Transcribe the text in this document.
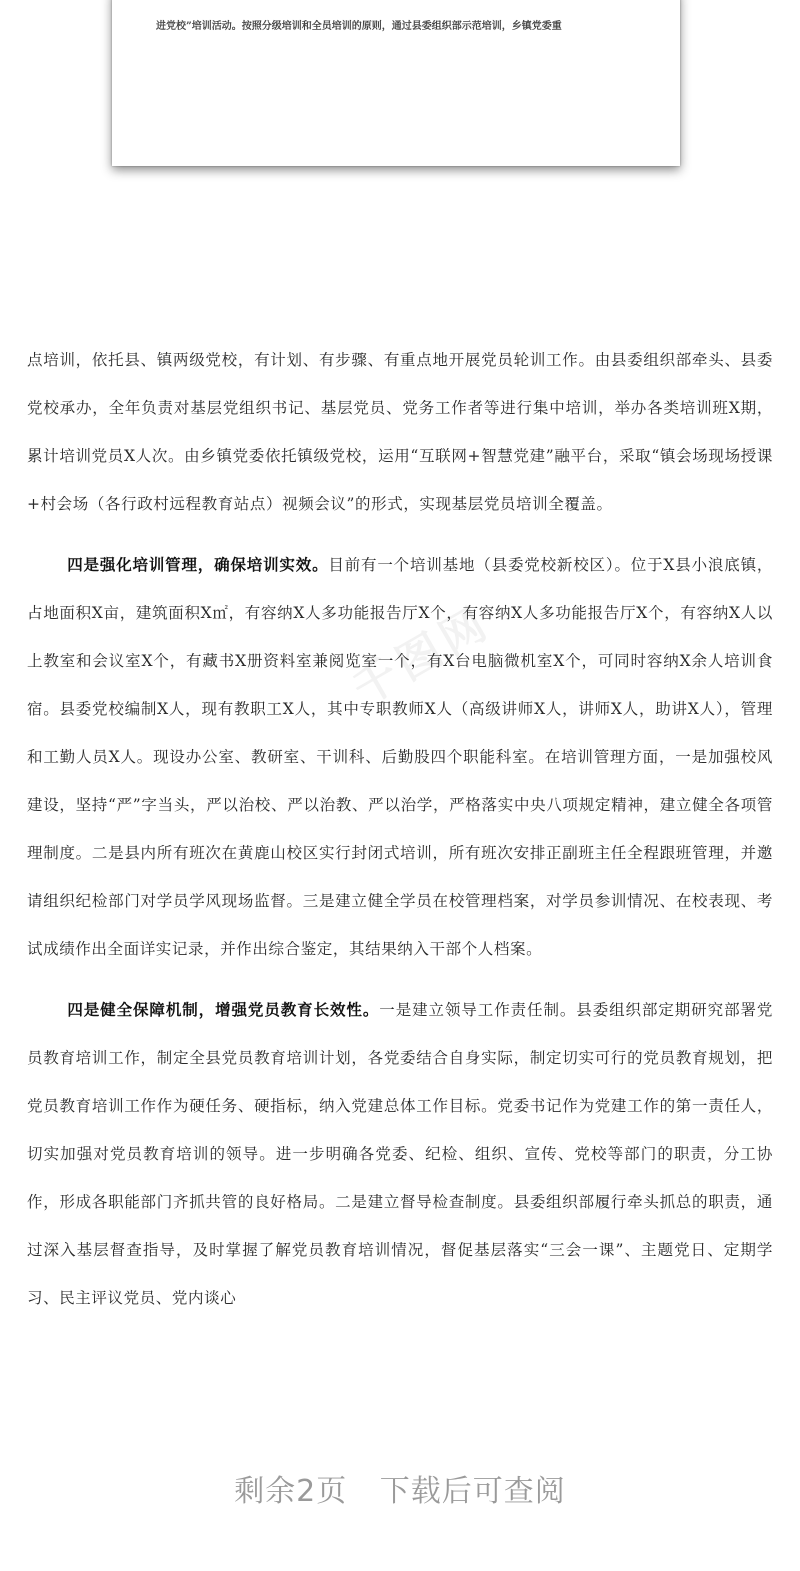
进党校”培训活动。按照分级培训和全员培训的原则，通过县委组织部示范培训，乡镇党委重
千图网

点培训，依托县、镇两级党校，有计划、有步骤、有重点地开展党员轮训工作。由县委组织部牵头、县委党校承办，全年负责对基层党组织书记、基层党员、党务工作者等进行集中培训，举办各类培训班X期，累计培训党员X人次。由乡镇党委依托镇级党校，运用“互联网+智慧党建”融平台，采取“镇会场现场授课+村会场（各行政村远程教育站点）视频会议”的形式，实现基层党员培训全覆盖。

四是强化培训管理，确保培训实效。目前有一个培训基地（县委党校新校区）。位于X县小浪底镇，占地面积X亩，建筑面积X㎡，有容纳X人多功能报告厅X个，有容纳X人多功能报告厅X个，有容纳X人以上教室和会议室X个，有藏书X册资料室兼阅览室一个，有X台电脑微机室X个，可同时容纳X余人培训食宿。县委党校编制X人，现有教职工X人，其中专职教师X人（高级讲师X人，讲师X人，助讲X人），管理和工勤人员X人。现设办公室、教研室、干训科、后勤股四个职能科室。在培训管理方面，一是加强校风建设，坚持“严”字当头，严以治校、严以治教、严以治学，严格落实中央八项规定精神，建立健全各项管理制度。二是县内所有班次在黄鹿山校区实行封闭式培训，所有班次安排正副班主任全程跟班管理，并邀请组织纪检部门对学员学风现场监督。三是建立健全学员在校管理档案，对学员参训情况、在校表现、考试成绩作出全面详实记录，并作出综合鉴定，其结果纳入干部个人档案。

四是健全保障机制，增强党员教育长效性。一是建立领导工作责任制。县委组织部定期研究部署党员教育培训工作，制定全县党员教育培训计划，各党委结合自身实际，制定切实可行的党员教育规划，把党员教育培训工作作为硬任务、硬指标，纳入党建总体工作目标。党委书记作为党建工作的第一责任人，切实加强对党员教育培训的领导。进一步明确各党委、纪检、组织、宣传、党校等部门的职责，分工协作，形成各职能部门齐抓共管的良好格局。二是建立督导检查制度。县委组织部履行牵头抓总的职责，通过深入基层督查指导，及时掌握了解党员教育培训情况，督促基层落实“三会一课”、主题党日、定期学习、民主评议党员、党内谈心

剩余2页 下载后可查阅
